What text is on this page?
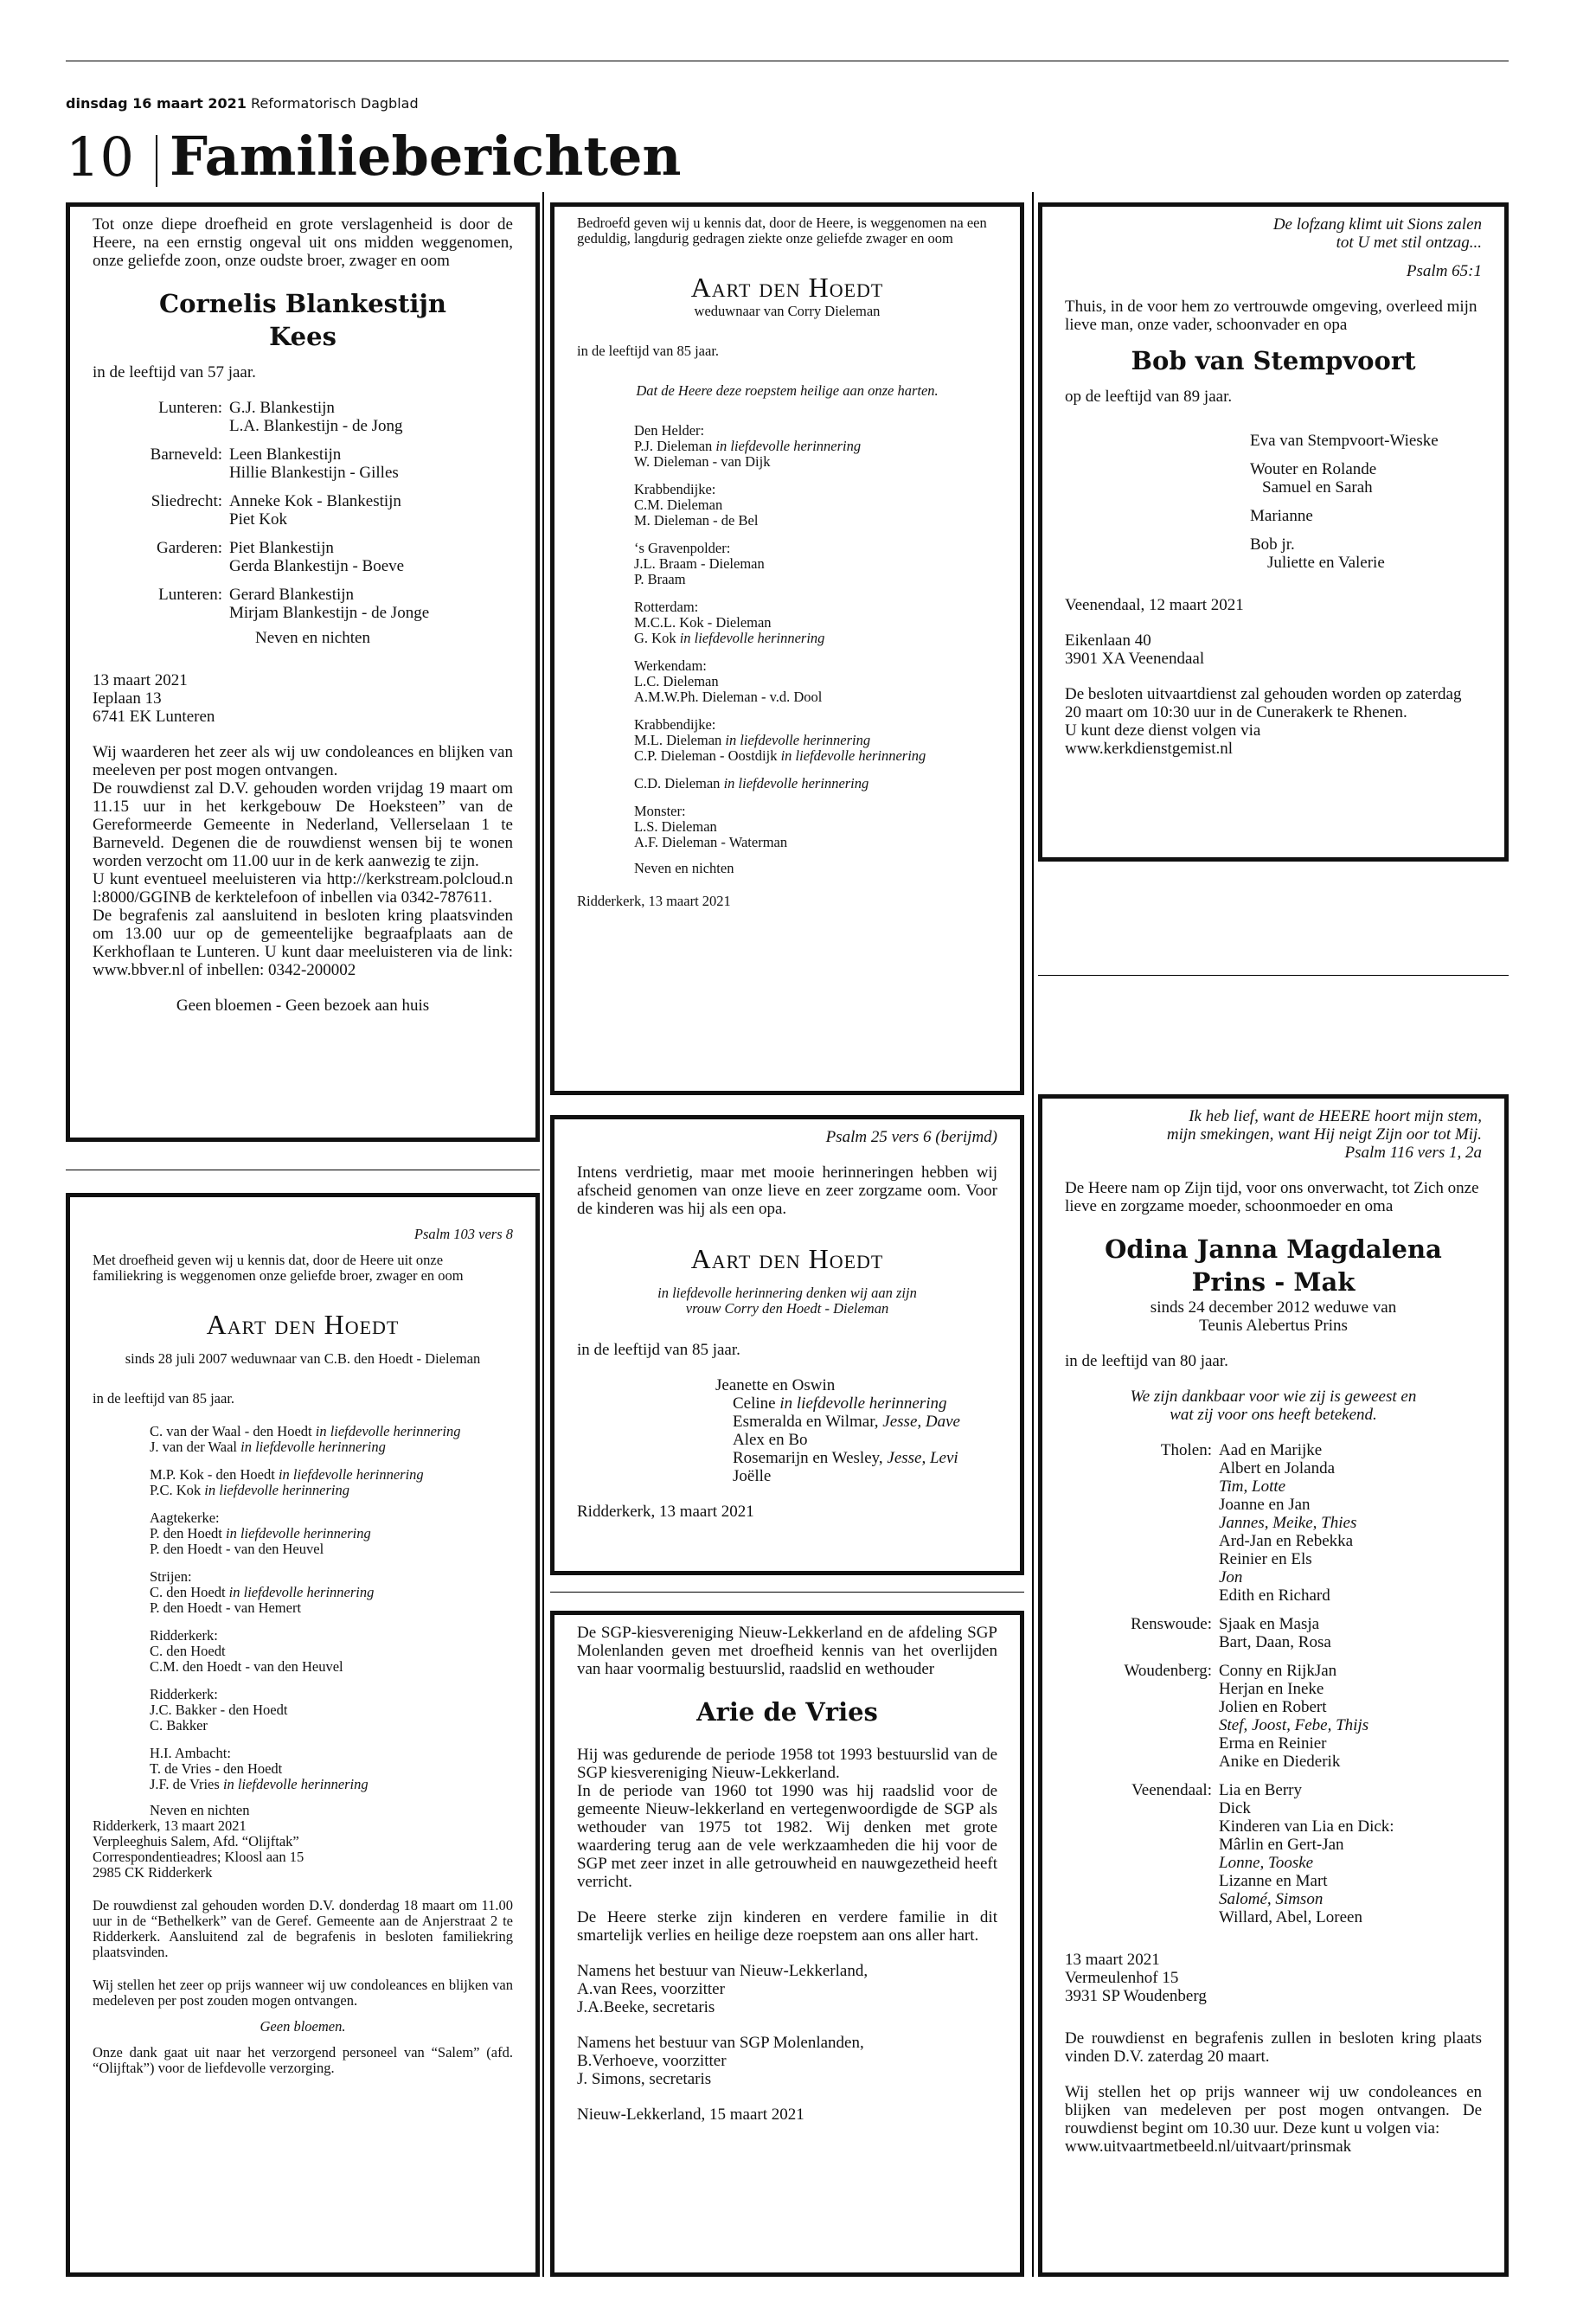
dinsdag 16 maart 2021 Reformatorisch Dagblad
10 Familieberichten

Tot onze diepe droefheid en grote verslagenheid is door de Heere, na een ernstig ongeval uit ons midden weggenomen, onze geliefde zoon, onze oudste broer, zwager en oom

Cornelis Blankestijn

Kees

in de leeftijd van 57 jaar.

Lunteren: G.J. Blankestijn
L.A. Blankestijn - de Jong
Barneveld: Leen Blankestijn
Hillie Blankestijn - Gilles
Sliedrecht: Anneke Kok - Blankestijn
Piet Kok
Garderen: Piet Blankestijn
Gerda Blankestijn - Boeve
Lunteren: Gerard Blankestijn
Mirjam Blankestijn - de Jonge

Neven en nichten

13 maart 2021

Ieplaan 13

6741 EK Lunteren

Wij waarderen het zeer als wij uw condoleances en blijken van meeleven per post mogen ontvangen.

De rouwdienst zal D.V. gehouden worden vrijdag 19 maart om 11.15 uur in het kerkgebouw De Hoeksteen” van de Gereformeerde Gemeente in Nederland, Vellerselaan 1 te Barneveld. Degenen die de rouwdienst wensen bij te wonen worden verzocht om 11.00 uur in de kerk aanwezig te zijn.

U kunt eventueel meeluisteren via http://kerkstream.polcloud.nl:8000/GGINB de kerktelefoon of inbellen via 0342-787611.

De begrafenis zal aansluitend in besloten kring plaatsvinden om 13.00 uur op de gemeentelijke begraafplaats aan de Kerkhoflaan te Lunteren. U kunt daar meeluisteren via de link: www.bbver.nl of inbellen: 0342-200002

Geen bloemen - Geen bezoek aan huis

Bedroefd geven wij u kennis dat, door de Heere, is weggenomen na een geduldig, langdurig gedragen ziekte onze geliefde zwager en oom

Aart den Hoedt

weduwnaar van Corry Dieleman

in de leeftijd van 85 jaar.

Dat de Heere deze roepstem heilige aan onze harten.

Den Helder:

P.J. Dieleman in liefdevolle herinnering

W. Dieleman - van Dijk

Krabbendijke:

C.M. Dieleman

M. Dieleman - de Bel

‘s Gravenpolder:

J.L. Braam - Dieleman

P. Braam

Rotterdam:

M.C.L. Kok - Dieleman

G. Kok in liefdevolle herinnering

Werkendam:

L.C. Dieleman

A.M.W.Ph. Dieleman - v.d. Dool

Krabbendijke:

M.L. Dieleman in liefdevolle herinnering

C.P. Dieleman - Oostdijk in liefdevolle herinnering

C.D. Dieleman in liefdevolle herinnering

Monster:

L.S. Dieleman

A.F. Dieleman - Waterman

Neven en nichten

Ridderkerk, 13 maart 2021

De lofzang klimt uit Sions zalen

tot U met stil ontzag...

Psalm 65:1

Thuis, in de voor hem zo vertrouwde omgeving, overleed mijn lieve man, onze vader, schoonvader en opa

Bob van Stempvoort

op de leeftijd van 89 jaar.

Eva van Stempvoort-Wieske

Wouter en Rolande

Samuel en Sarah

Marianne

Bob jr.

Juliette en Valerie

Veenendaal, 12 maart 2021

Eikenlaan 40

3901 XA Veenendaal

De besloten uitvaartdienst zal gehouden worden op zaterdag 20 maart om 10:30 uur in de Cunerakerk te Rhenen.

U kunt deze dienst volgen via

www.kerkdienstgemist.nl

Psalm 103 vers 8

Met droefheid geven wij u kennis dat, door de Heere uit onze familiekring is weggenomen onze geliefde broer, zwager en oom

Aart den Hoedt

sinds 28 juli 2007 weduwnaar van C.B. den Hoedt - Dieleman

in de leeftijd van 85 jaar.

C. van der Waal - den Hoedt in liefdevolle herinnering

J. van der Waal in liefdevolle herinnering

M.P. Kok - den Hoedt in liefdevolle herinnering

P.C. Kok in liefdevolle herinnering

Aagtekerke:

P. den Hoedt in liefdevolle herinnering

P. den Hoedt - van den Heuvel

Strijen:

C. den Hoedt in liefdevolle herinnering

P. den Hoedt - van Hemert

Ridderkerk:

C. den Hoedt

C.M. den Hoedt - van den Heuvel

Ridderkerk:

J.C. Bakker - den Hoedt

C. Bakker

H.I. Ambacht:

T. de Vries - den Hoedt

J.F. de Vries in liefdevolle herinnering

Neven en nichten

Ridderkerk, 13 maart 2021

Verpleeghuis Salem, Afd. “Olijftak”

Correspondentieadres; Kloosl aan 15

2985 CK Ridderkerk

De rouwdienst zal gehouden worden D.V. donderdag 18 maart om 11.00 uur in de “Bethelkerk” van de Geref. Gemeente aan de Anjerstraat 2 te Ridderkerk. Aansluitend zal de begrafenis in besloten familiekring plaatsvinden.

Wij stellen het zeer op prijs wanneer wij uw condoleances en blijken van medeleven per post zouden mogen ontvangen.

Geen bloemen.

Onze dank gaat uit naar het verzorgend personeel van “Salem” (afd. “Olijftak”) voor de liefdevolle verzorging.

Psalm 25 vers 6 (berijmd)

Intens verdrietig, maar met mooie herinneringen hebben wij afscheid genomen van onze lieve en zeer zorgzame oom. Voor de kinderen was hij als een opa.

Aart den Hoedt

in liefdevolle herinnering denken wij aan zijn

vrouw Corry den Hoedt - Dieleman

in de leeftijd van 85 jaar.

Jeanette en Oswin

Celine in liefdevolle herinnering

Esmeralda en Wilmar, Jesse, Dave

Alex en Bo

Rosemarijn en Wesley, Jesse, Levi

Joëlle

Ridderkerk, 13 maart 2021

De SGP-kiesvereniging Nieuw-Lekkerland en de afdeling SGP Molenlanden geven met droefheid kennis van het overlijden van haar voormalig bestuurslid, raadslid en wethouder

Arie de Vries

Hij was gedurende de periode 1958 tot 1993 bestuurslid van de SGP kiesvereniging Nieuw-Lekkerland.

In de periode van 1960 tot 1990 was hij raadslid voor de gemeente Nieuw-lekkerland en vertegenwoordigde de SGP als wethouder van 1975 tot 1982. Wij denken met grote waardering terug aan de vele werkzaamheden die hij voor de SGP met zeer inzet in alle getrouwheid en nauwgezetheid heeft verricht.

De Heere sterke zijn kinderen en verdere familie in dit smartelijk verlies en heilige deze roepstem aan ons aller hart.

Namens het bestuur van Nieuw-Lekkerland,

A.van Rees, voorzitter

J.A.Beeke, secretaris

Namens het bestuur van SGP Molenlanden,

B.Verhoeve, voorzitter

J. Simons, secretaris

Nieuw-Lekkerland, 15 maart 2021

Ik heb lief, want de HEERE hoort mijn stem,

mijn smekingen, want Hij neigt Zijn oor tot Mij.

Psalm 116 vers 1, 2a

De Heere nam op Zijn tijd, voor ons onverwacht, tot Zich onze lieve en zorgzame moeder, schoonmoeder en oma

Odina Janna Magdalena

Prins - Mak

sinds 24 december 2012 weduwe van

Teunis Alebertus Prins

in de leeftijd van 80 jaar.

We zijn dankbaar voor wie zij is geweest en

wat zij voor ons heeft betekend.

Tholen: Aad en Marijke
Albert en Jolanda
Tim, Lotte
Joanne en Jan
Jannes, Meike, Thies
Ard-Jan en Rebekka
Reinier en Els
Jon
Edith en Richard
Renswoude: Sjaak en Masja
Bart, Daan, Rosa
Woudenberg: Conny en RijkJan
Herjan en Ineke
Jolien en Robert
Stef, Joost, Febe, Thijs
Erma en Reinier
Anike en Diederik
Veenendaal: Lia en Berry
Dick
Kinderen van Lia en Dick:
Mârlin en Gert-Jan
Lonne, Tooske
Lizanne en Mart
Salomé, Simson
Willard, Abel, Loreen

13 maart 2021

Vermeulenhof 15

3931 SP Woudenberg

De rouwdienst en begrafenis zullen in besloten kring plaats vinden D.V. zaterdag 20 maart.

Wij stellen het op prijs wanneer wij uw condoleances en blijken van medeleven per post mogen ontvangen. De rouwdienst begint om 10.30 uur. Deze kunt u volgen via:

www.uitvaartmetbeeld.nl/uitvaart/prinsmak
